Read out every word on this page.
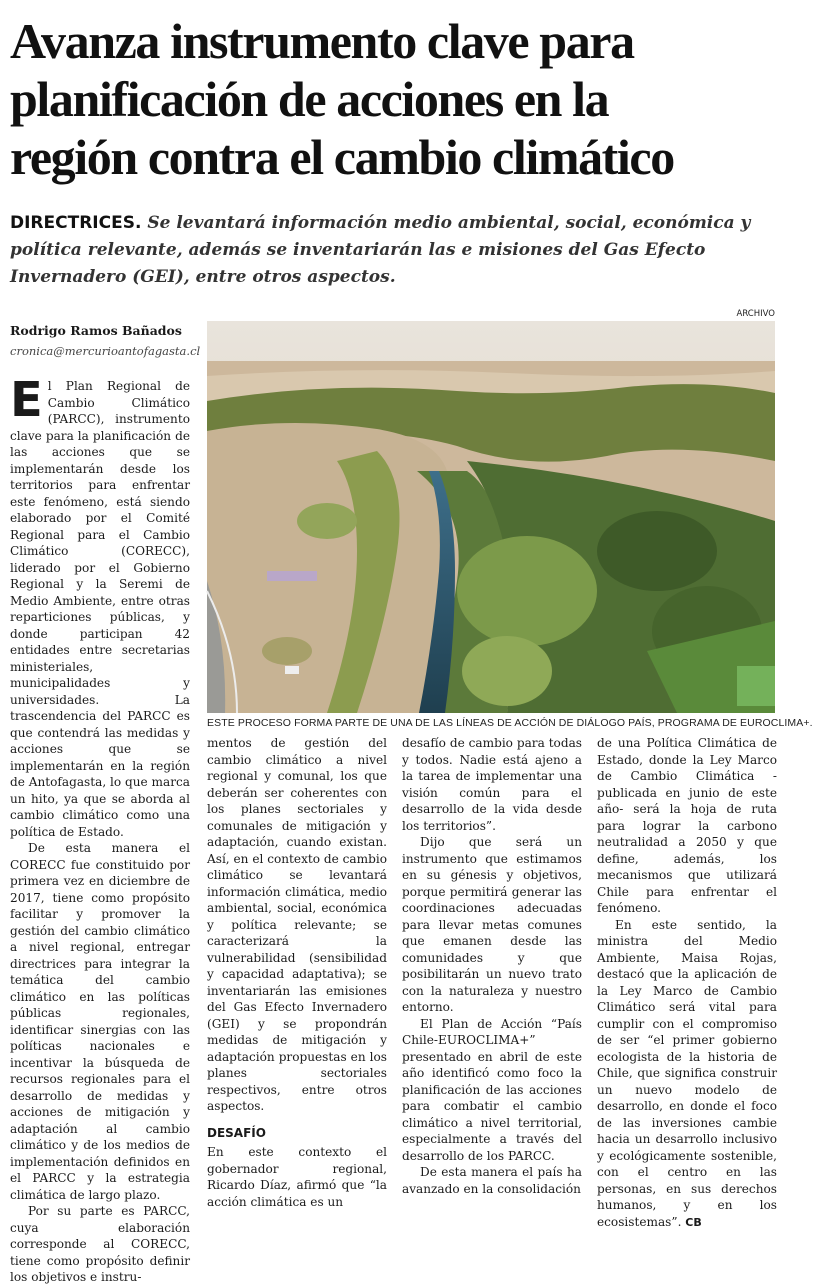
Avanza instrumento clave para
planificación de acciones en la
región contra el cambio climático
DIRECTRICES. Se levantará información medio ambiental, social, económica y política relevante, además se inventariarán las e misiones del Gas Efecto Invernadero (GEI), entre otros aspectos.
Rodrigo Ramos Bañados
cronica@mercurioantofagasta.cl
ARCHIVO
ESTE PROCESO FORMA PARTE DE UNA DE LAS LÍNEAS DE ACCIÓN DE DIÁLOGO PAÍS, PROGRAMA DE EUROCLIMA+.

El Plan Regional de Cambio Climático (PARCC), instrumento clave para la planificación de las acciones que se implementarán desde los territorios para enfrentar este fenómeno, está siendo elaborado por el Comité Regional para el Cambio Climático (CORECC), liderado por el Gobierno Regional y la Seremi de Medio Ambiente, entre otras reparticiones públicas, y donde participan 42 entidades entre secretarias ministeriales, municipalidades y universidades. La trascendencia del PARCC es que contendrá las medidas y acciones que se implementarán en la región de Antofagasta, lo que marca un hito, ya que se aborda al cambio climático como una política de Estado.

De esta manera el CORECC fue constituido por primera vez en diciembre de 2017, tiene como propósito facilitar y promover la gestión del cambio climático a nivel regional, entregar directrices para integrar la temática del cambio climático en las políticas públicas regionales, identificar sinergias con las políticas nacionales e incentivar la búsqueda de recursos regionales para el desarrollo de medidas y acciones de mitigación y adaptación al cambio climático y de los medios de implementación definidos en el PARCC y la estrategia climática de largo plazo.

Por su parte es PARCC, cuya elaboración corresponde al CORECC, tiene como propósito definir los objetivos e instru-

mentos de gestión del cambio climático a nivel regional y comunal, los que deberán ser coherentes con los planes sectoriales y comunales de mitigación y adaptación, cuando existan. Así, en el contexto de cambio climático se levantará información climática, medio ambiental, social, económica y política relevante; se caracterizará la vulnerabilidad (sensibilidad y capacidad adaptativa); se inventariarán las emisiones del Gas Efecto Invernadero (GEI) y se propondrán medidas de mitigación y adaptación propuestas en los planes sectoriales respectivos, entre otros aspectos.

DESAFÍO

En este contexto el gobernador regional, Ricardo Díaz, afirmó que “la acción climática es un

desafío de cambio para todas y todos. Nadie está ajeno a la tarea de implementar una visión común para el desarrollo de la vida desde los territorios”.

Dijo que será un instrumento que estimamos en su génesis y objetivos, porque permitirá generar las coordinaciones adecuadas para llevar metas comunes que emanen desde las comunidades y que posibilitarán un nuevo trato con la naturaleza y nuestro entorno.

El Plan de Acción “País Chile-EUROCLIMA+” presentado en abril de este año identificó como foco la planificación de las acciones para combatir el cambio climático a nivel territorial, especialmente a través del desarrollo de los PARCC.

De esta manera el país ha avanzado en la consolidación

de una Política Climática de Estado, donde la Ley Marco de Cambio Climática -publicada en junio de este año- será la hoja de ruta para lograr la carbono neutralidad a 2050 y que define, además, los mecanismos que utilizará Chile para enfrentar el fenómeno.

En este sentido, la ministra del Medio Ambiente, Maisa Rojas, destacó que la aplicación de la Ley Marco de Cambio Climático será vital para cumplir con el compromiso de ser “el primer gobierno ecologista de la historia de Chile, que significa construir un nuevo modelo de desarrollo, en donde el foco de las inversiones cambie hacia un desarrollo inclusivo y ecológicamente sostenible, con el centro en las personas, en sus derechos humanos, y en los ecosistemas”. CB
